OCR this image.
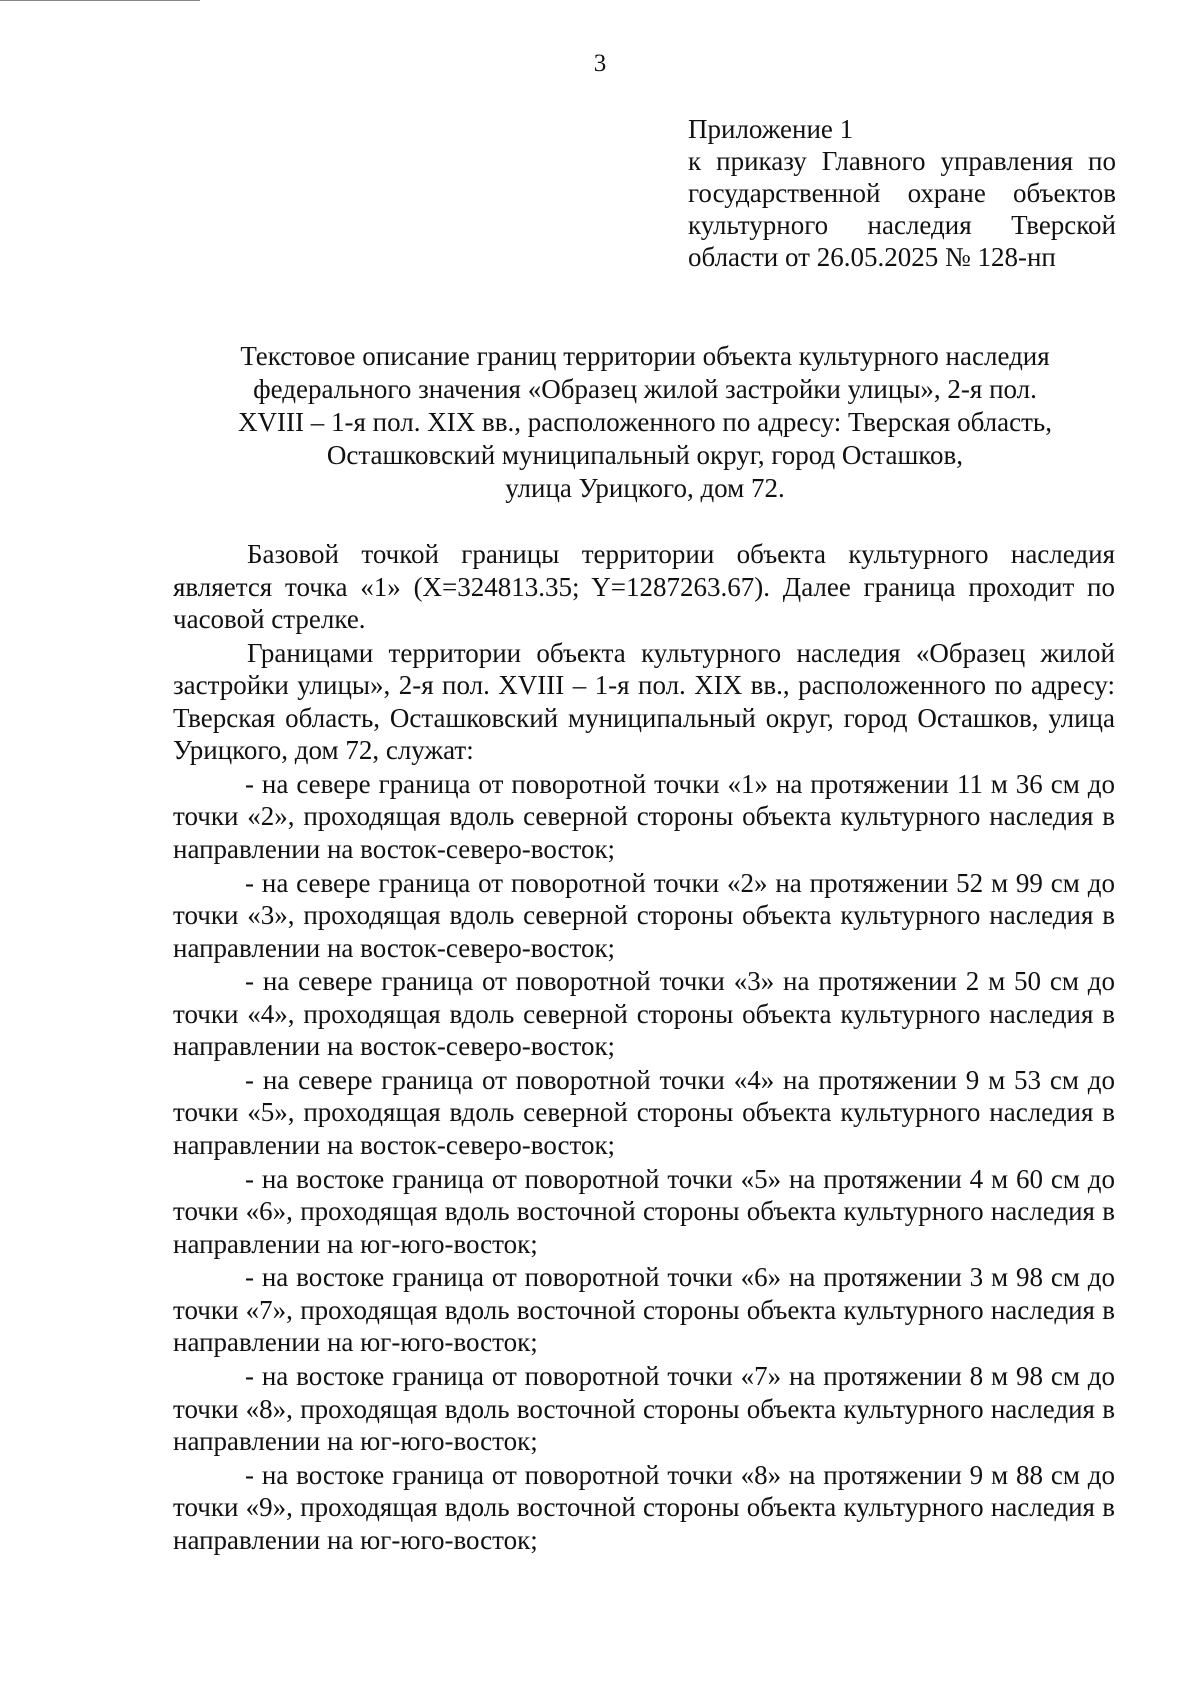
3
Приложение 1
к приказу Главного управления по
государственной охране объектов
культурного наследия Тверской
области от 26.05.2025 № 128-нп
Текстовое описание границ территории объекта культурного наследия
федерального значения «Образец жилой застройки улицы», 2-я пол.
XVIII – 1-я пол. XIX вв., расположенного по адресу: Тверская область,
Осташковский муниципальный округ, город Осташков,
улица Урицкого, дом 72.

Базовой точкой границы территории объекта культурного наследия является точка «1» (X=324813.35; Y=1287263.67). Далее граница проходит по часовой стрелке.

Границами территории объекта культурного наследия «Образец жилой застройки улицы», 2-я пол. XVIII – 1-я пол. XIX вв., расположенного по адресу: Тверская область, Осташковский муниципальный округ, город Осташков, улица Урицкого, дом 72, служат:

- на севере граница от поворотной точки «1» на протяжении 11 м 36 см до точки «2», проходящая вдоль северной стороны объекта культурного наследия в направлении на восток-северо-восток;

- на севере граница от поворотной точки «2» на протяжении 52 м 99 см до точки «3», проходящая вдоль северной стороны объекта культурного наследия в направлении на восток-северо-восток;

- на севере граница от поворотной точки «3» на протяжении 2 м 50 см до точки «4», проходящая вдоль северной стороны объекта культурного наследия в направлении на восток-северо-восток;

- на севере граница от поворотной точки «4» на протяжении 9 м 53 см до точки «5», проходящая вдоль северной стороны объекта культурного наследия в направлении на восток-северо-восток;

- на востоке граница от поворотной точки «5» на протяжении 4 м 60 см до точки «6», проходящая вдоль восточной стороны объекта культурного наследия в направлении на юг-юго-восток;

- на востоке граница от поворотной точки «6» на протяжении 3 м 98 см до точки «7», проходящая вдоль восточной стороны объекта культурного наследия в направлении на юг-юго-восток;

- на востоке граница от поворотной точки «7» на протяжении 8 м 98 см до точки «8», проходящая вдоль восточной стороны объекта культурного наследия в направлении на юг-юго-восток;

- на востоке граница от поворотной точки «8» на протяжении 9 м 88 см до точки «9», проходящая вдоль восточной стороны объекта культурного наследия в направлении на юг-юго-восток;
